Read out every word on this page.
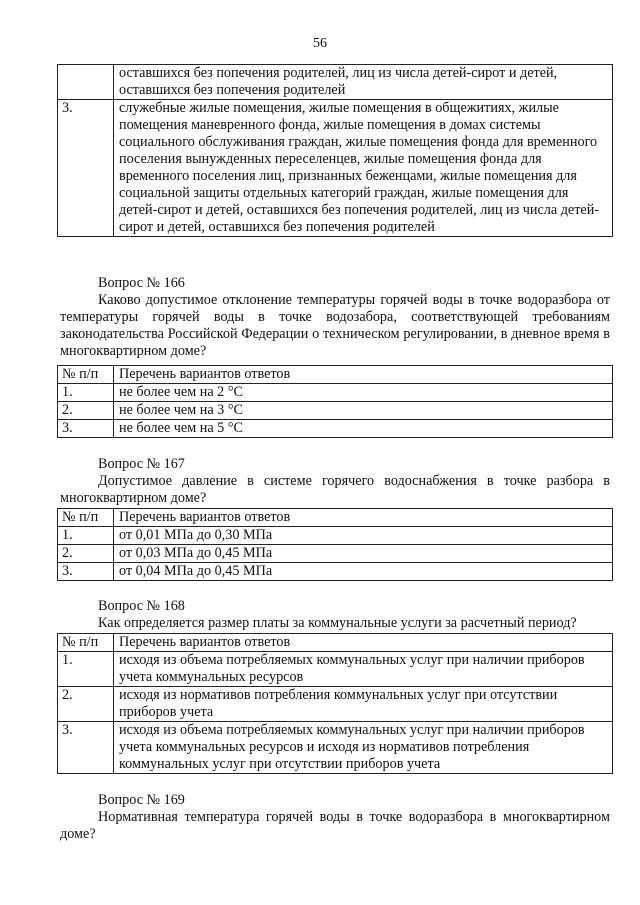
56
	оставшихся без попечения родителей, лиц из числа детей-сирот и детей, оставшихся без попечения родителей
3.	служебные жилые помещения, жилые помещения в общежитиях, жилые помещения маневренного фонда, жилые помещения в домах системы социального обслуживания граждан, жилые помещения фонда для временного поселения вынужденных переселенцев, жилые помещения фонда для временного поселения лиц, признанных беженцами, жилые помещения для социальной защиты отдельных категорий граждан, жилые помещения для детей-сирот и детей, оставшихся без попечения родителей, лиц из числа детей-сирот и детей, оставшихся без попечения родителей
Вопрос № 166
Каково допустимое отклонение температуры горячей воды в точке водоразбора от температуры горячей воды в точке водозабора, соответствующей требованиям законодательства Российской Федерации о техническом регулировании, в дневное время в многоквартирном доме?
№ п/п	Перечень вариантов ответов
1.	не более чем на 2 °С
2.	не более чем на 3 °С
3.	не более чем на 5 °С
Вопрос № 167
Допустимое давление в системе горячего водоснабжения в точке разбора в многоквартирном доме?
№ п/п	Перечень вариантов ответов
1.	от 0,01 МПа до 0,30 МПа
2.	от 0,03 МПа до 0,45 МПа
3.	от 0,04 МПа до 0,45 МПа
Вопрос № 168
Как определяется размер платы за коммунальные услуги за расчетный период?
№ п/п	Перечень вариантов ответов
1.	исходя из объема потребляемых коммунальных услуг при наличии приборов учета коммунальных ресурсов
2.	исходя из нормативов потребления коммунальных услуг при отсутствии приборов учета
3.	исходя из объема потребляемых коммунальных услуг при наличии приборов учета коммунальных ресурсов и исходя из нормативов потребления коммунальных услуг при отсутствии приборов учета
Вопрос № 169
Нормативная температура горячей воды в точке водоразбора в многоквартирном доме?
